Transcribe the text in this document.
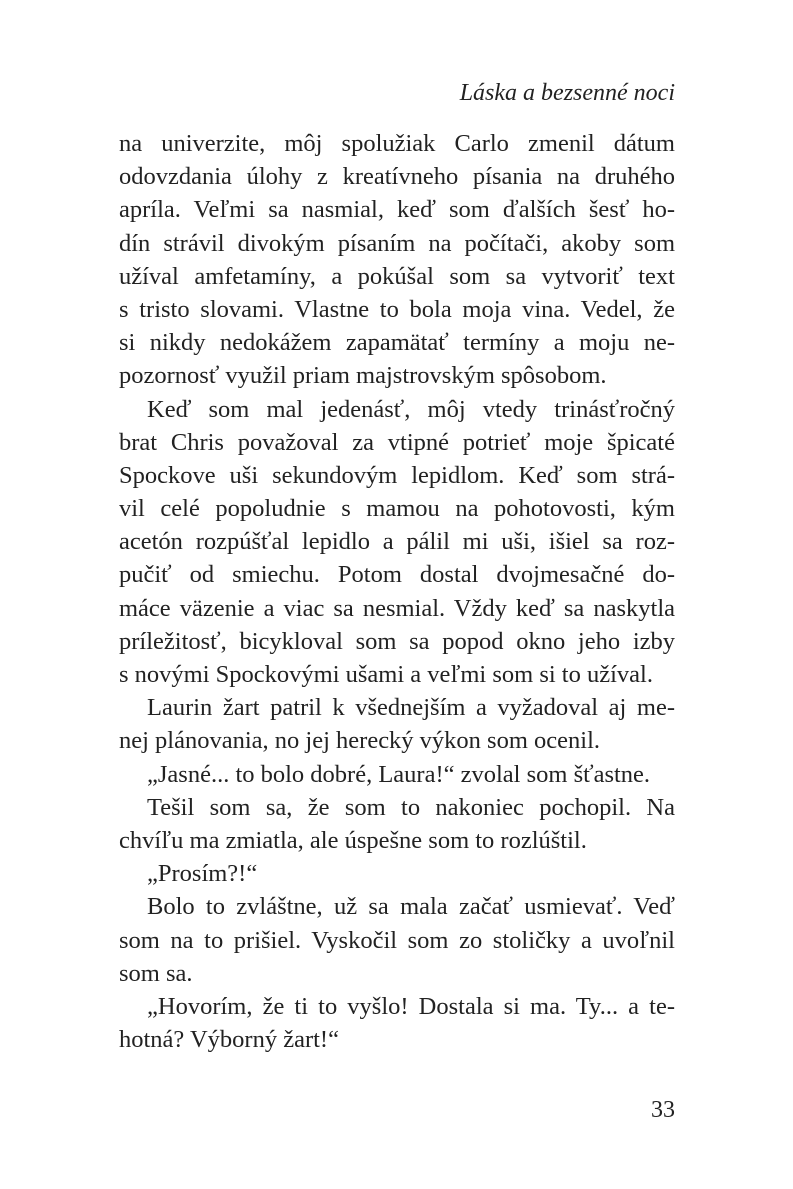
Láska a bezsenné noci
na univerzite, môj spolužiak Carlo zmenil dátum
odovzdania úlohy z kreatívneho písania na druhého
apríla. Veľmi sa nasmial, keď som ďalších šesť ho-
dín strávil divokým písaním na počítači, akoby som
užíval amfetamíny, a pokúšal som sa vytvoriť text
s tristo slovami. Vlastne to bola moja vina. Vedel, že
si nikdy nedokážem zapamätať termíny a moju ne-
pozornosť využil priam majstrovským spôsobom.
Keď som mal jedenásť, môj vtedy trinásťročný
brat Chris považoval za vtipné potrieť moje špicaté
Spockove uši sekundovým lepidlom. Keď som strá-
vil celé popoludnie s mamou na pohotovosti, kým
acetón rozpúšťal lepidlo a pálil mi uši, išiel sa roz-
pučiť od smiechu. Potom dostal dvojmesačné do-
máce väzenie a viac sa nesmial. Vždy keď sa naskytla
príležitosť, bicykloval som sa popod okno jeho izby
s novými Spockovými ušami a veľmi som si to užíval.
Laurin žart patril k všednejším a vyžadoval aj me-
nej plánovania, no jej herecký výkon som ocenil.
„Jasné... to bolo dobré, Laura!“ zvolal som šťastne.
Tešil som sa, že som to nakoniec pochopil. Na
chvíľu ma zmiatla, ale úspešne som to rozlúštil.
„Prosím?!“
Bolo to zvláštne, už sa mala začať usmievať. Veď
som na to prišiel. Vyskočil som zo stoličky a uvoľnil
som sa.
„Hovorím, že ti to vyšlo! Dostala si ma. Ty... a te-
hotná? Výborný žart!“
33
